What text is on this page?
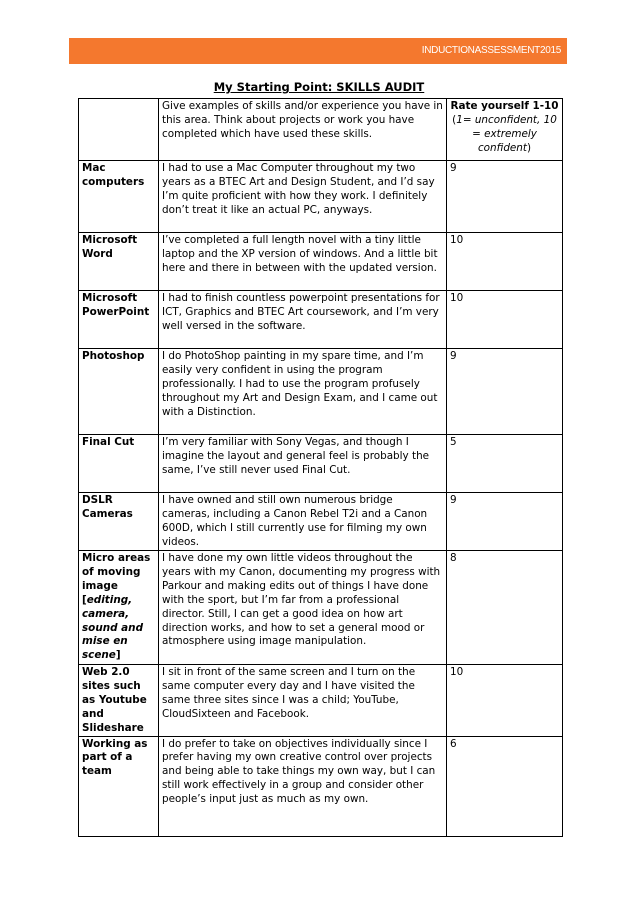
INDUCTIONASSESSMENT2015
My Starting Point: SKILLS AUDIT
	Give examples of skills and/or experience you have in this area. Think about projects or work you have completed which have used these skills.	Rate yourself 1-10
(1= unconfident, 10 = extremely confident)
Mac computers	I had to use a Mac Computer throughout my two years as a BTEC Art and Design Student, and I’d say I’m quite proficient with how they work. I definitely don’t treat it like an actual PC, anyways.	9
Microsoft Word	I’ve completed a full length novel with a tiny little laptop and the XP version of windows. And a little bit here and there in between with the updated version.	10
Microsoft PowerPoint	I had to finish countless powerpoint presentations for ICT, Graphics and BTEC Art coursework, and I’m very well versed in the software.	10
Photoshop	I do PhotoShop painting in my spare time, and I’m easily very confident in using the program professionally. I had to use the program profusely throughout my Art and Design Exam, and I came out with a Distinction.	9
Final Cut	I’m very familiar with Sony Vegas, and though I imagine the layout and general feel is probably the same, I’ve still never used Final Cut.	5
DSLR Cameras	I have owned and still own numerous bridge cameras, including a Canon Rebel T2i and a Canon 600D, which I still currently use for filming my own videos.	9
Micro areas of moving image [editing, camera, sound and mise en scene]	I have done my own little videos throughout the years with my Canon, documenting my progress with Parkour and making edits out of things I have done with the sport, but I’m far from a professional director. Still, I can get a good idea on how art direction works, and how to set a general mood or atmosphere using image manipulation.	8
Web 2.0 sites such as Youtube and Slideshare	I sit in front of the same screen and I turn on the same computer every day and I have visited the same three sites since I was a child; YouTube, CloudSixteen and Facebook.	10
Working as part of a team	I do prefer to take on objectives individually since I prefer having my own creative control over projects and being able to take things my own way, but I can still work effectively in a group and consider other people’s input just as much as my own.	6
